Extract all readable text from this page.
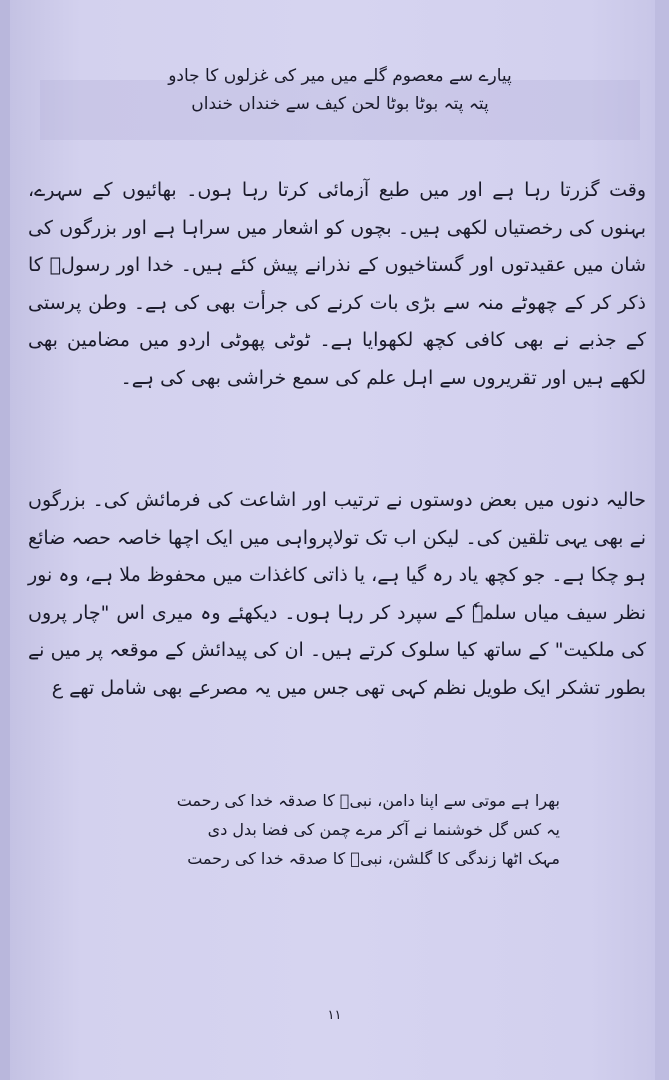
پیارے سے معصوم گلے میں میر کی غزلوں کا جادو
پتہ پتہ بوٹا بوٹا لحن کیف سے خنداں خنداں
وقت گزرتا رہا ہے اور میں طبع آزمائی کرتا رہا ہوں۔ بھائیوں کے سہرے، بہنوں کی رخصتیاں لکھی ہیں۔ بچوں کو اشعار میں سراہا ہے اور بزرگوں کی شان میں عقیدتوں اور گستاخیوں کے نذرانے پیش کئے ہیں۔ خدا اور رسولؐ کا ذکر کر کے چھوٹے منہ سے بڑی بات کرنے کی جرأت بھی کی ہے۔ وطن پرستی کے جذبے نے بھی کافی کچھ لکھوایا ہے۔ ٹوٹی پھوٹی اردو میں مضامین بھی لکھے ہیں اور تقریروں سے اہل علم کی سمع خراشی بھی کی ہے۔
حالیہ دنوں میں بعض دوستوں نے ترتیب اور اشاعت کی فرمائش کی۔ بزرگوں نے بھی یہی تلقین کی۔ لیکن اب تک تولاپرواہی میں ایک اچھا خاصہ حصہ ضائع ہو چکا ہے۔ جو کچھ یاد رہ گیا ہے، یا ذاتی کاغذات میں محفوظ ملا ہے، وہ نور نظر سیف میاں سلمہٗ کے سپرد کر رہا ہوں۔ دیکھئے وہ میری اس "چار پروں کی ملکیت" کے ساتھ کیا سلوک کرتے ہیں۔ ان کی پیدائش کے موقعہ پر میں نے بطور تشکر ایک طویل نظم کہی تھی جس میں یہ مصرعے بھی شامل تھے ع
بھرا ہے موتی سے اپنا دامن، نبیؐ کا صدقہ خدا کی رحمت
یہ کس گل خوشنما نے آکر مرے چمن کی فضا بدل دی
مہک اٹھا زندگی کا گلشن، نبیؐ کا صدقہ خدا کی رحمت
۱۱
